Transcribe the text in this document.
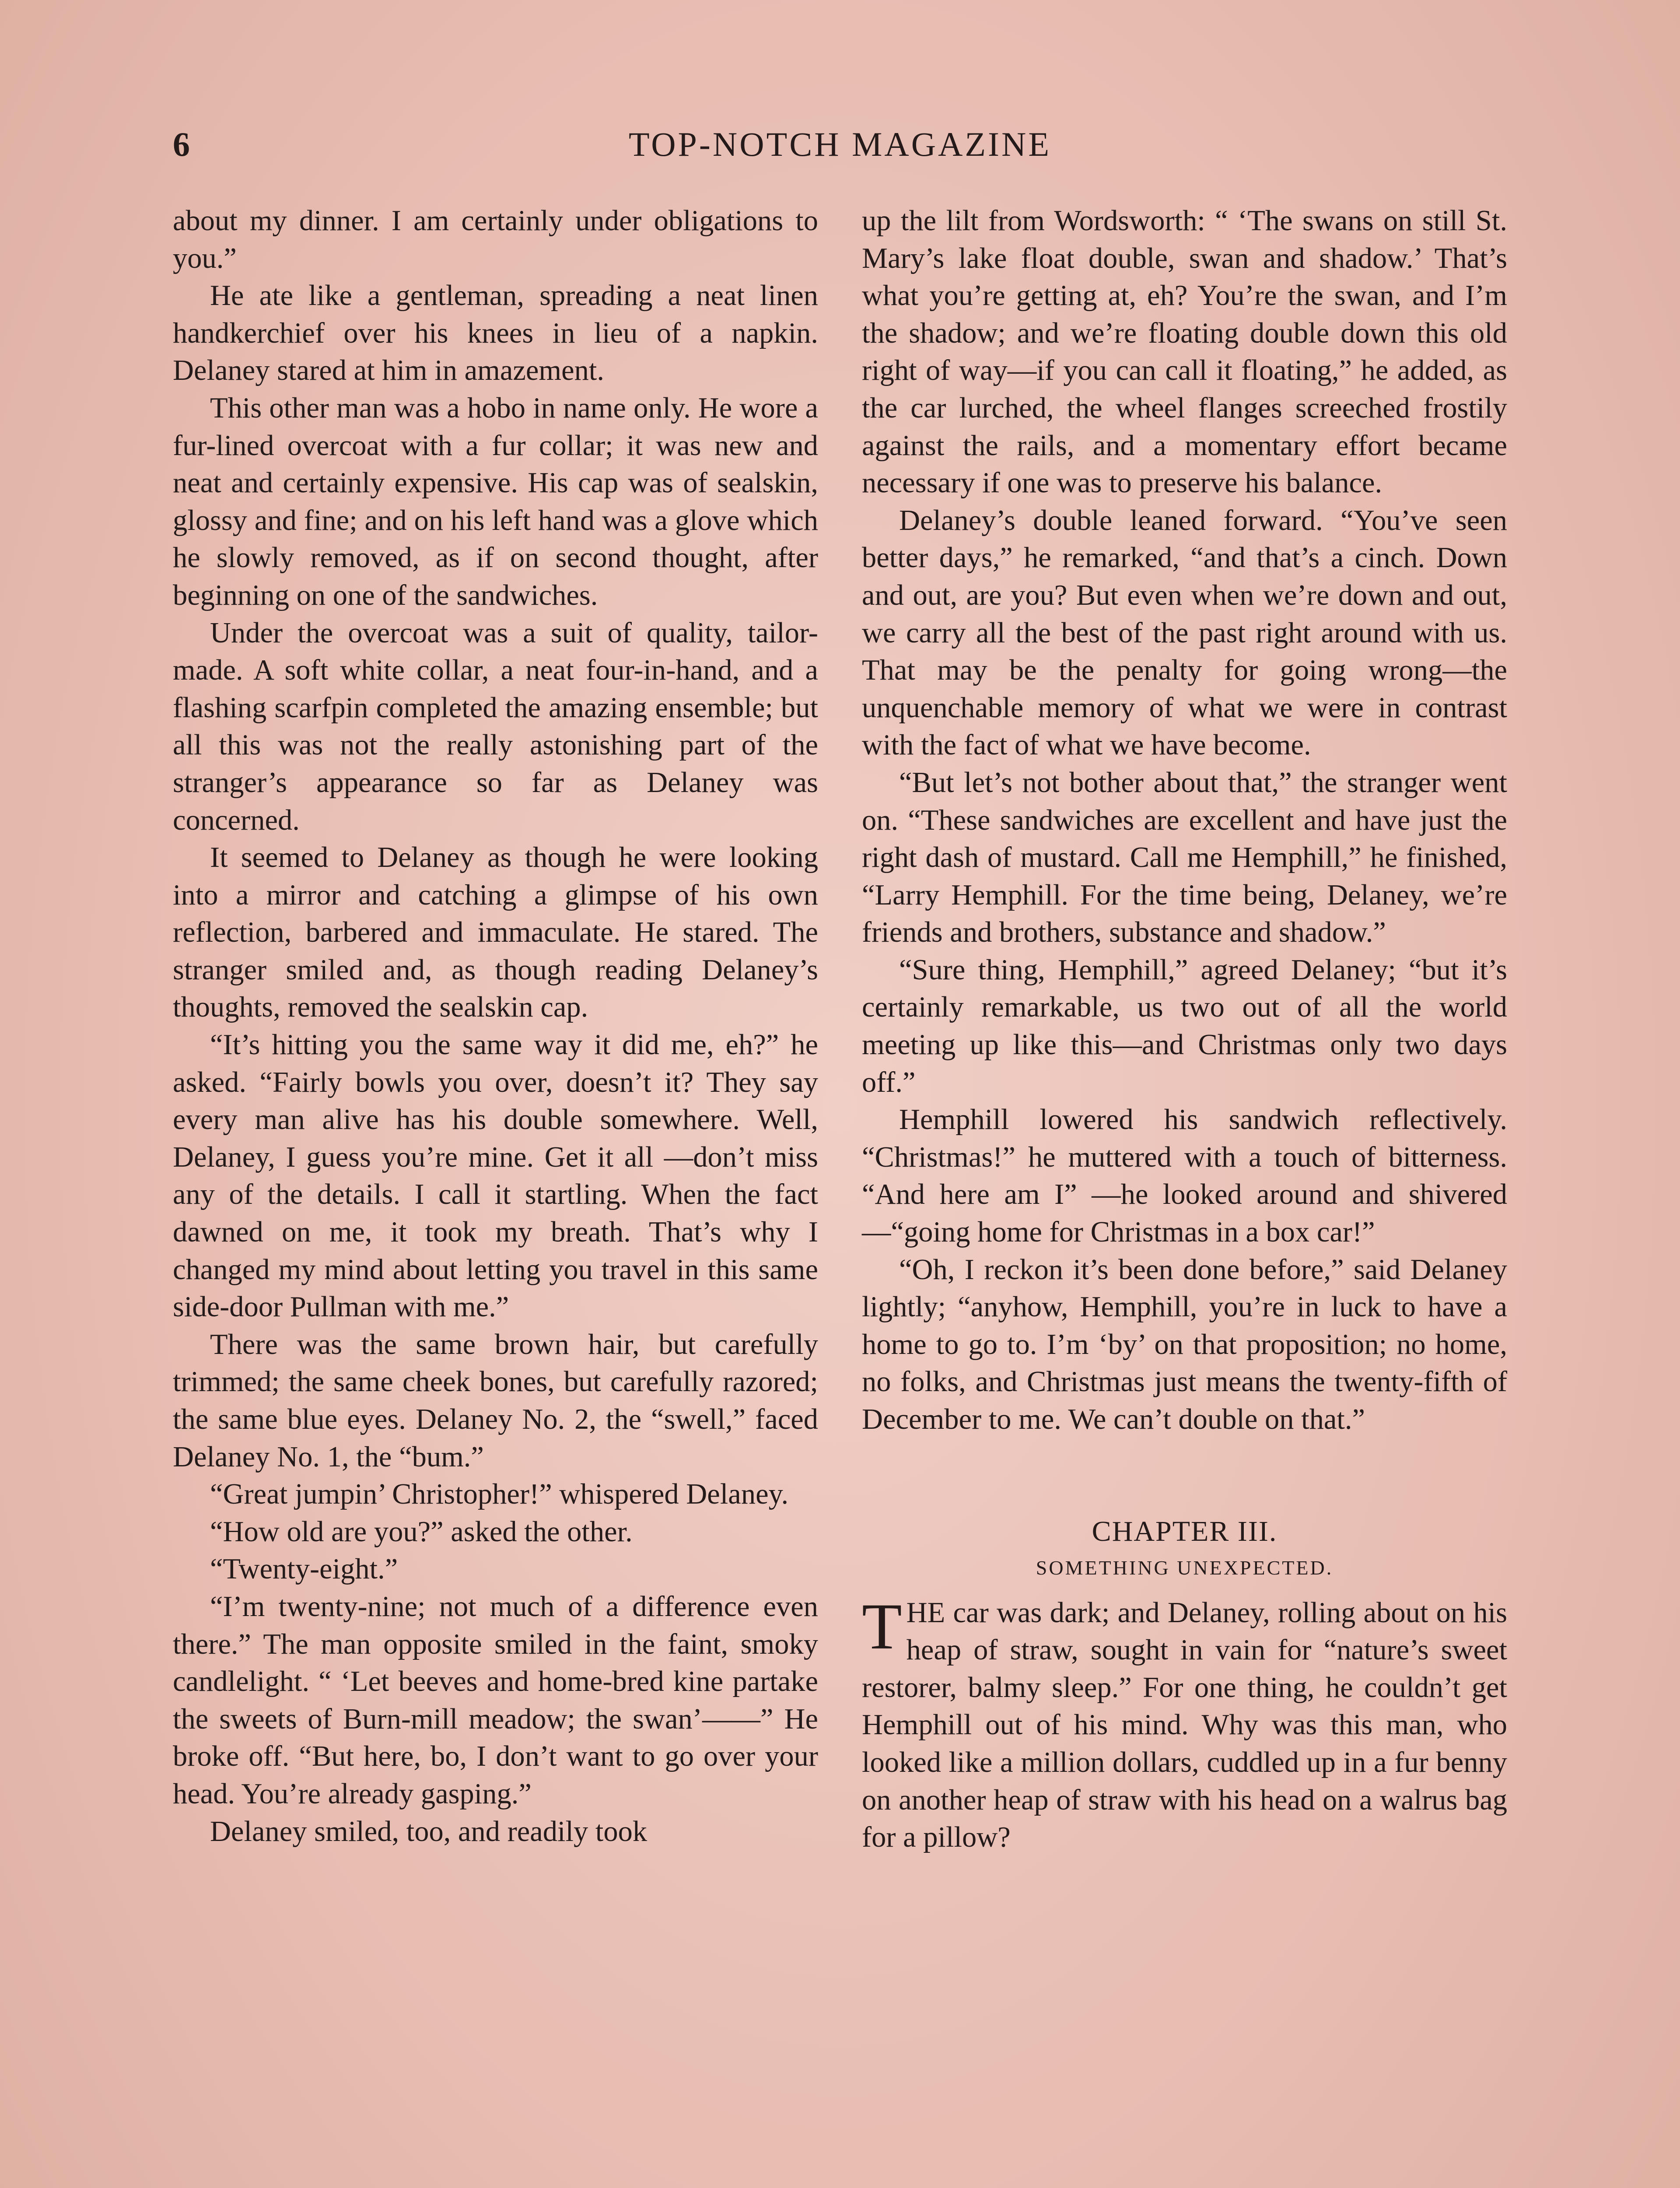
6	TOP-NOTCH MAGAZINE

about my dinner. I am certainly under obligations to you.”

He ate like a gentleman, spreading a neat linen handkerchief over his knees in lieu of a napkin. Delaney stared at him in amazement.

This other man was a hobo in name only. He wore a fur-lined overcoat with a fur collar; it was new and neat and certainly expensive. His cap was of sealskin, glossy and fine; and on his left hand was a glove which he slowly removed, as if on second thought, after beginning on one of the sandwiches.

Under the overcoat was a suit of quality, tailor-made. A soft white collar, a neat four-in-hand, and a flashing scarfpin completed the amazing ensemble; but all this was not the really astonishing part of the stranger’s appearance so far as Delaney was concerned.

It seemed to Delaney as though he were looking into a mirror and catching a glimpse of his own reflection, barbered and immaculate. He stared. The stranger smiled and, as though reading Delaney’s thoughts, removed the sealskin cap.

“It’s hitting you the same way it did me, eh?” he asked. “Fairly bowls you over, doesn’t it? They say every man alive has his double somewhere. Well, Delaney, I guess you’re mine. Get it all —don’t miss any of the details. I call it startling. When the fact dawned on me, it took my breath. That’s why I changed my mind about letting you travel in this same side-door Pullman with me.”

There was the same brown hair, but carefully trimmed; the same cheek bones, but carefully razored; the same blue eyes. Delaney No. 2, the “swell,” faced Delaney No. 1, the “bum.”

“Great jumpin’ Christopher!” whispered Delaney.

“How old are you?” asked the other.

“Twenty-eight.”

“I’m twenty-nine; not much of a difference even there.” The man opposite smiled in the faint, smoky candlelight. “ ‘Let beeves and home-bred kine partake the sweets of Burn-mill meadow; the swan’——” He broke off. “But here, bo, I don’t want to go over your head. You’re already gasping.”

Delaney smiled, too, and readily took

up the lilt from Wordsworth: “ ‘The swans on still St. Mary’s lake float double, swan and shadow.’ That’s what you’re getting at, eh? You’re the swan, and I’m the shadow; and we’re floating double down this old right of way—if you can call it floating,” he added, as the car lurched, the wheel flanges screeched frostily against the rails, and a momentary effort became necessary if one was to preserve his balance.

Delaney’s double leaned forward. “You’ve seen better days,” he remarked, “and that’s a cinch. Down and out, are you? But even when we’re down and out, we carry all the best of the past right around with us. That may be the penalty for going wrong—the unquenchable memory of what we were in contrast with the fact of what we have become.

“But let’s not bother about that,” the stranger went on. “These sandwiches are excellent and have just the right dash of mustard. Call me Hemphill,” he finished, “Larry Hemphill. For the time being, Delaney, we’re friends and brothers, substance and shadow.”

“Sure thing, Hemphill,” agreed Delaney; “but it’s certainly remarkable, us two out of all the world meeting up like this—and Christmas only two days off.”

Hemphill lowered his sandwich reflectively. “Christmas!” he muttered with a touch of bitterness. “And here am I” —he looked around and shivered—“going home for Christmas in a box car!”

“Oh, I reckon it’s been done before,” said Delaney lightly; “anyhow, Hemphill, you’re in luck to have a home to go to. I’m ‘by’ on that proposition; no home, no folks, and Christmas just means the twenty-fifth of December to me. We can’t double on that.”

CHAPTER III.
SOMETHING UNEXPECTED.

THE car was dark; and Delaney, rolling about on his heap of straw, sought in vain for “nature’s sweet restorer, balmy sleep.” For one thing, he couldn’t get Hemphill out of his mind. Why was this man, who looked like a million dollars, cuddled up in a fur benny on another heap of straw with his head on a walrus bag for a pillow?
